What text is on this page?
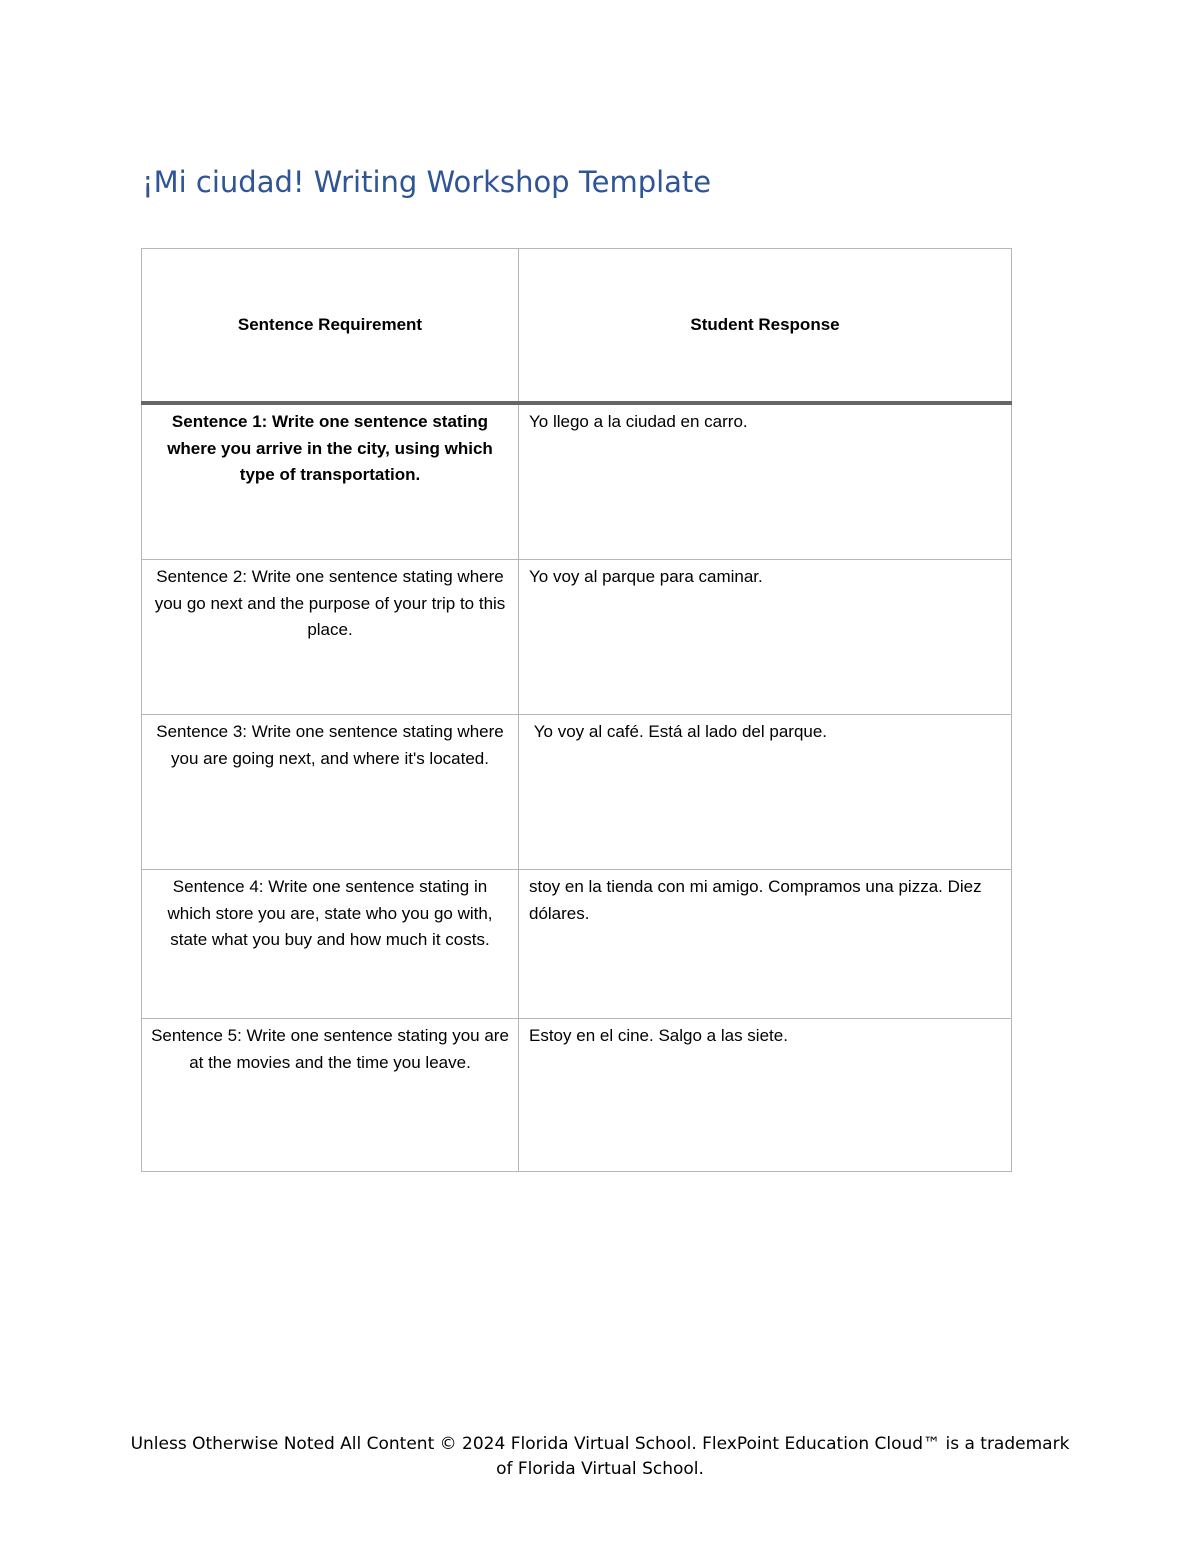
¡Mi ciudad! Writing Workshop Template
Sentence Requirement	Student Response
Sentence 1: Write one sentence stating where you arrive in the city, using which type of transportation.	Yo llego a la ciudad en carro.
Sentence 2: Write one sentence stating where you go next and the purpose of your trip to this place.	Yo voy al parque para caminar.
Sentence 3: Write one sentence stating where you are going next, and where it's located.	Yo voy al café. Está al lado del parque.
Sentence 4: Write one sentence stating in which store you are, state who you go with, state what you buy and how much it costs.	stoy en la tienda con mi amigo. Compramos una pizza. Diez dólares.
Sentence 5: Write one sentence stating you are at the movies and the time you leave.	Estoy en el cine. Salgo a las siete.
Unless Otherwise Noted All Content © 2024 Florida Virtual School. FlexPoint Education Cloud™ is a trademark of Florida Virtual School.
